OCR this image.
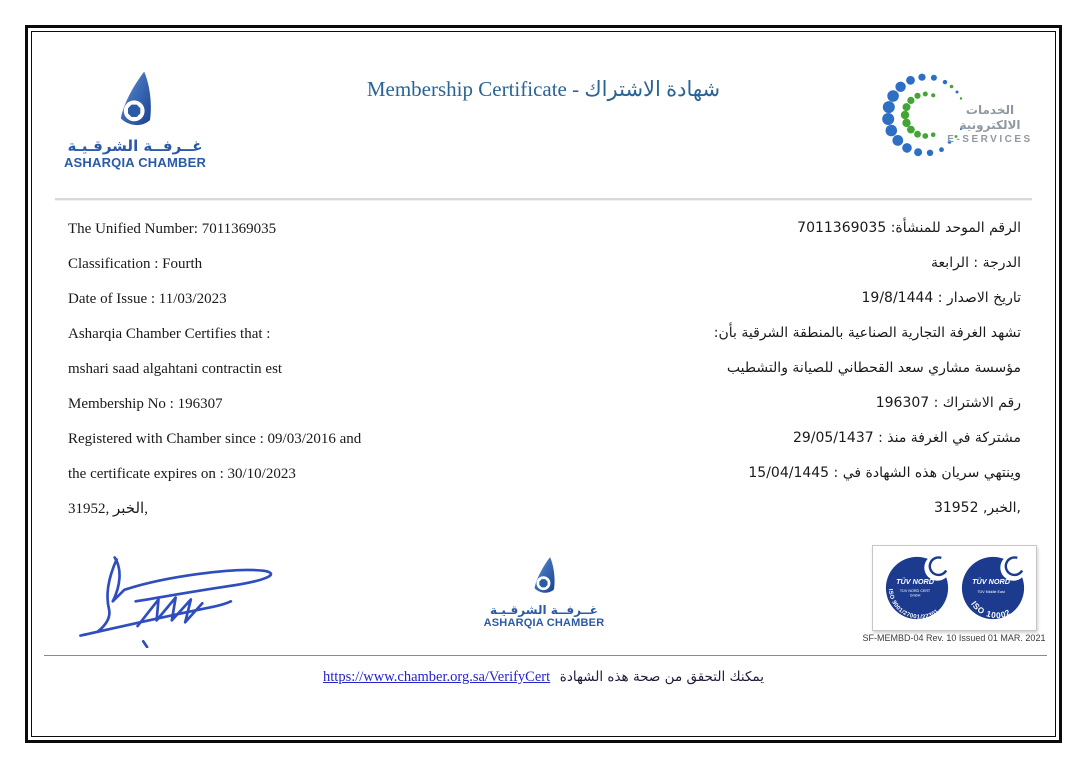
غــرفــة الشرقـيـة
ASHARQIA CHAMBER
Membership Certificate - شهادة الاشتراك
الخدمات الالكترونية
E-SERVICES
The Unified Number: 7011369035
Classification : Fourth
Date of Issue : 11/03/2023
Asharqia Chamber Certifies that :
mshari saad algahtani contractin est
Membership No : 196307
Registered with Chamber since : 09/03/2016 and
the certificate expires on : 30/10/2023
31952, الخبر,
الرقم الموحد للمنشأة: 7011369035
الدرجة : الرابعة
تاريخ الاصدار : 19/8/1444
تشهد الغرفة التجارية الصناعية بالمنطقة الشرقية بأن:
مؤسسة مشاري سعد القحطاني للصيانة والتشطيب
رقم الاشتراك : 196307
مشتركة في الغرفة منذ : 29/05/1437
وينتهي سريان هذه الشهادة في : 15/04/1445
الخبر, 31952,
غــرفــة الشرقـيـة
ASHARQIA CHAMBER
TÜV NORD
TÜV NORD CERT
GmbH
ISO 9001/27001/22301
TÜV NORD
TÜV Middle East
ISO 10002
SF-MEMBD-04 Rev. 10 Issued 01 MAR. 2021
يمكنك التحقق من صحة هذه الشهادة https://www.chamber.org.sa/VerifyCert
